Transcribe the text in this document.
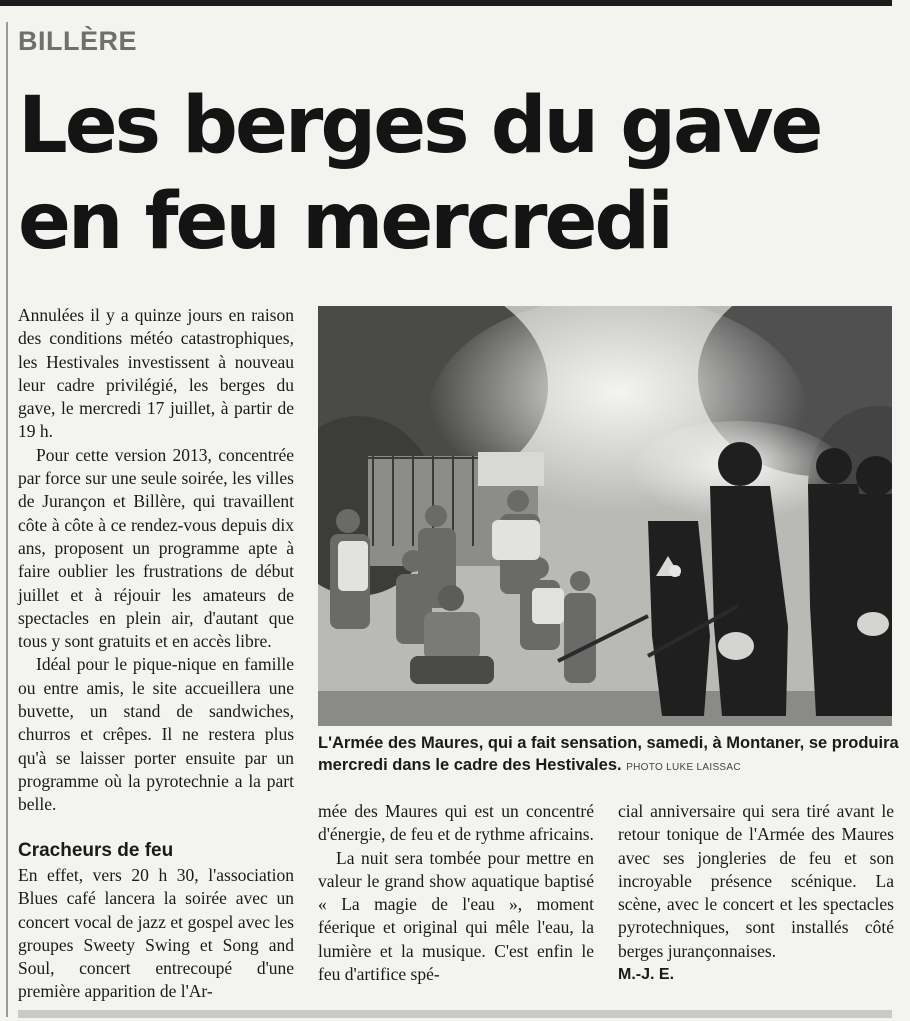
BILLÈRE
Les berges du gave
en feu mercredi

Annulées il y a quinze jours en raison des conditions météo catastrophiques, les Hestivales investissent à nouveau leur cadre privilégié, les berges du gave, le mercredi 17 juillet, à partir de 19 h.

Pour cette version 2013, concentrée par force sur une seule soirée, les villes de Jurançon et Billère, qui travaillent côte à côte à ce rendez-vous depuis dix ans, proposent un programme apte à faire oublier les frustrations de début juillet et à réjouir les amateurs de spectacles en plein air, d'autant que tous y sont gratuits et en accès libre.

Idéal pour le pique-nique en famille ou entre amis, le site accueillera une buvette, un stand de sandwiches, churros et crêpes. Il ne restera plus qu'à se laisser porter ensuite par un programme où la pyrotechnie a la part belle.

Cracheurs de feu

En effet, vers 20 h 30, l'association Blues café lancera la soirée avec un concert vocal de jazz et gospel avec les groupes Sweety Swing et Song and Soul, concert entrecoupé d'une première apparition de l'Ar-

L'Armée des Maures, qui a fait sensation, samedi, à Montaner, se produira mercredi dans le cadre des Hestivales. PHOTO LUKE LAISSAC

mée des Maures qui est un concentré d'énergie, de feu et de rythme africains.

La nuit sera tombée pour mettre en valeur le grand show aquatique baptisé « La magie de l'eau », moment féerique et original qui mêle l'eau, la lumière et la musique. C'est enfin le feu d'artifice spé-

cial anniversaire qui sera tiré avant le retour tonique de l'Armée des Maures avec ses jongleries de feu et son incroyable présence scénique. La scène, avec le concert et les spectacles pyrotechniques, sont installés côté berges jurançonnaises.

M.-J. E.
